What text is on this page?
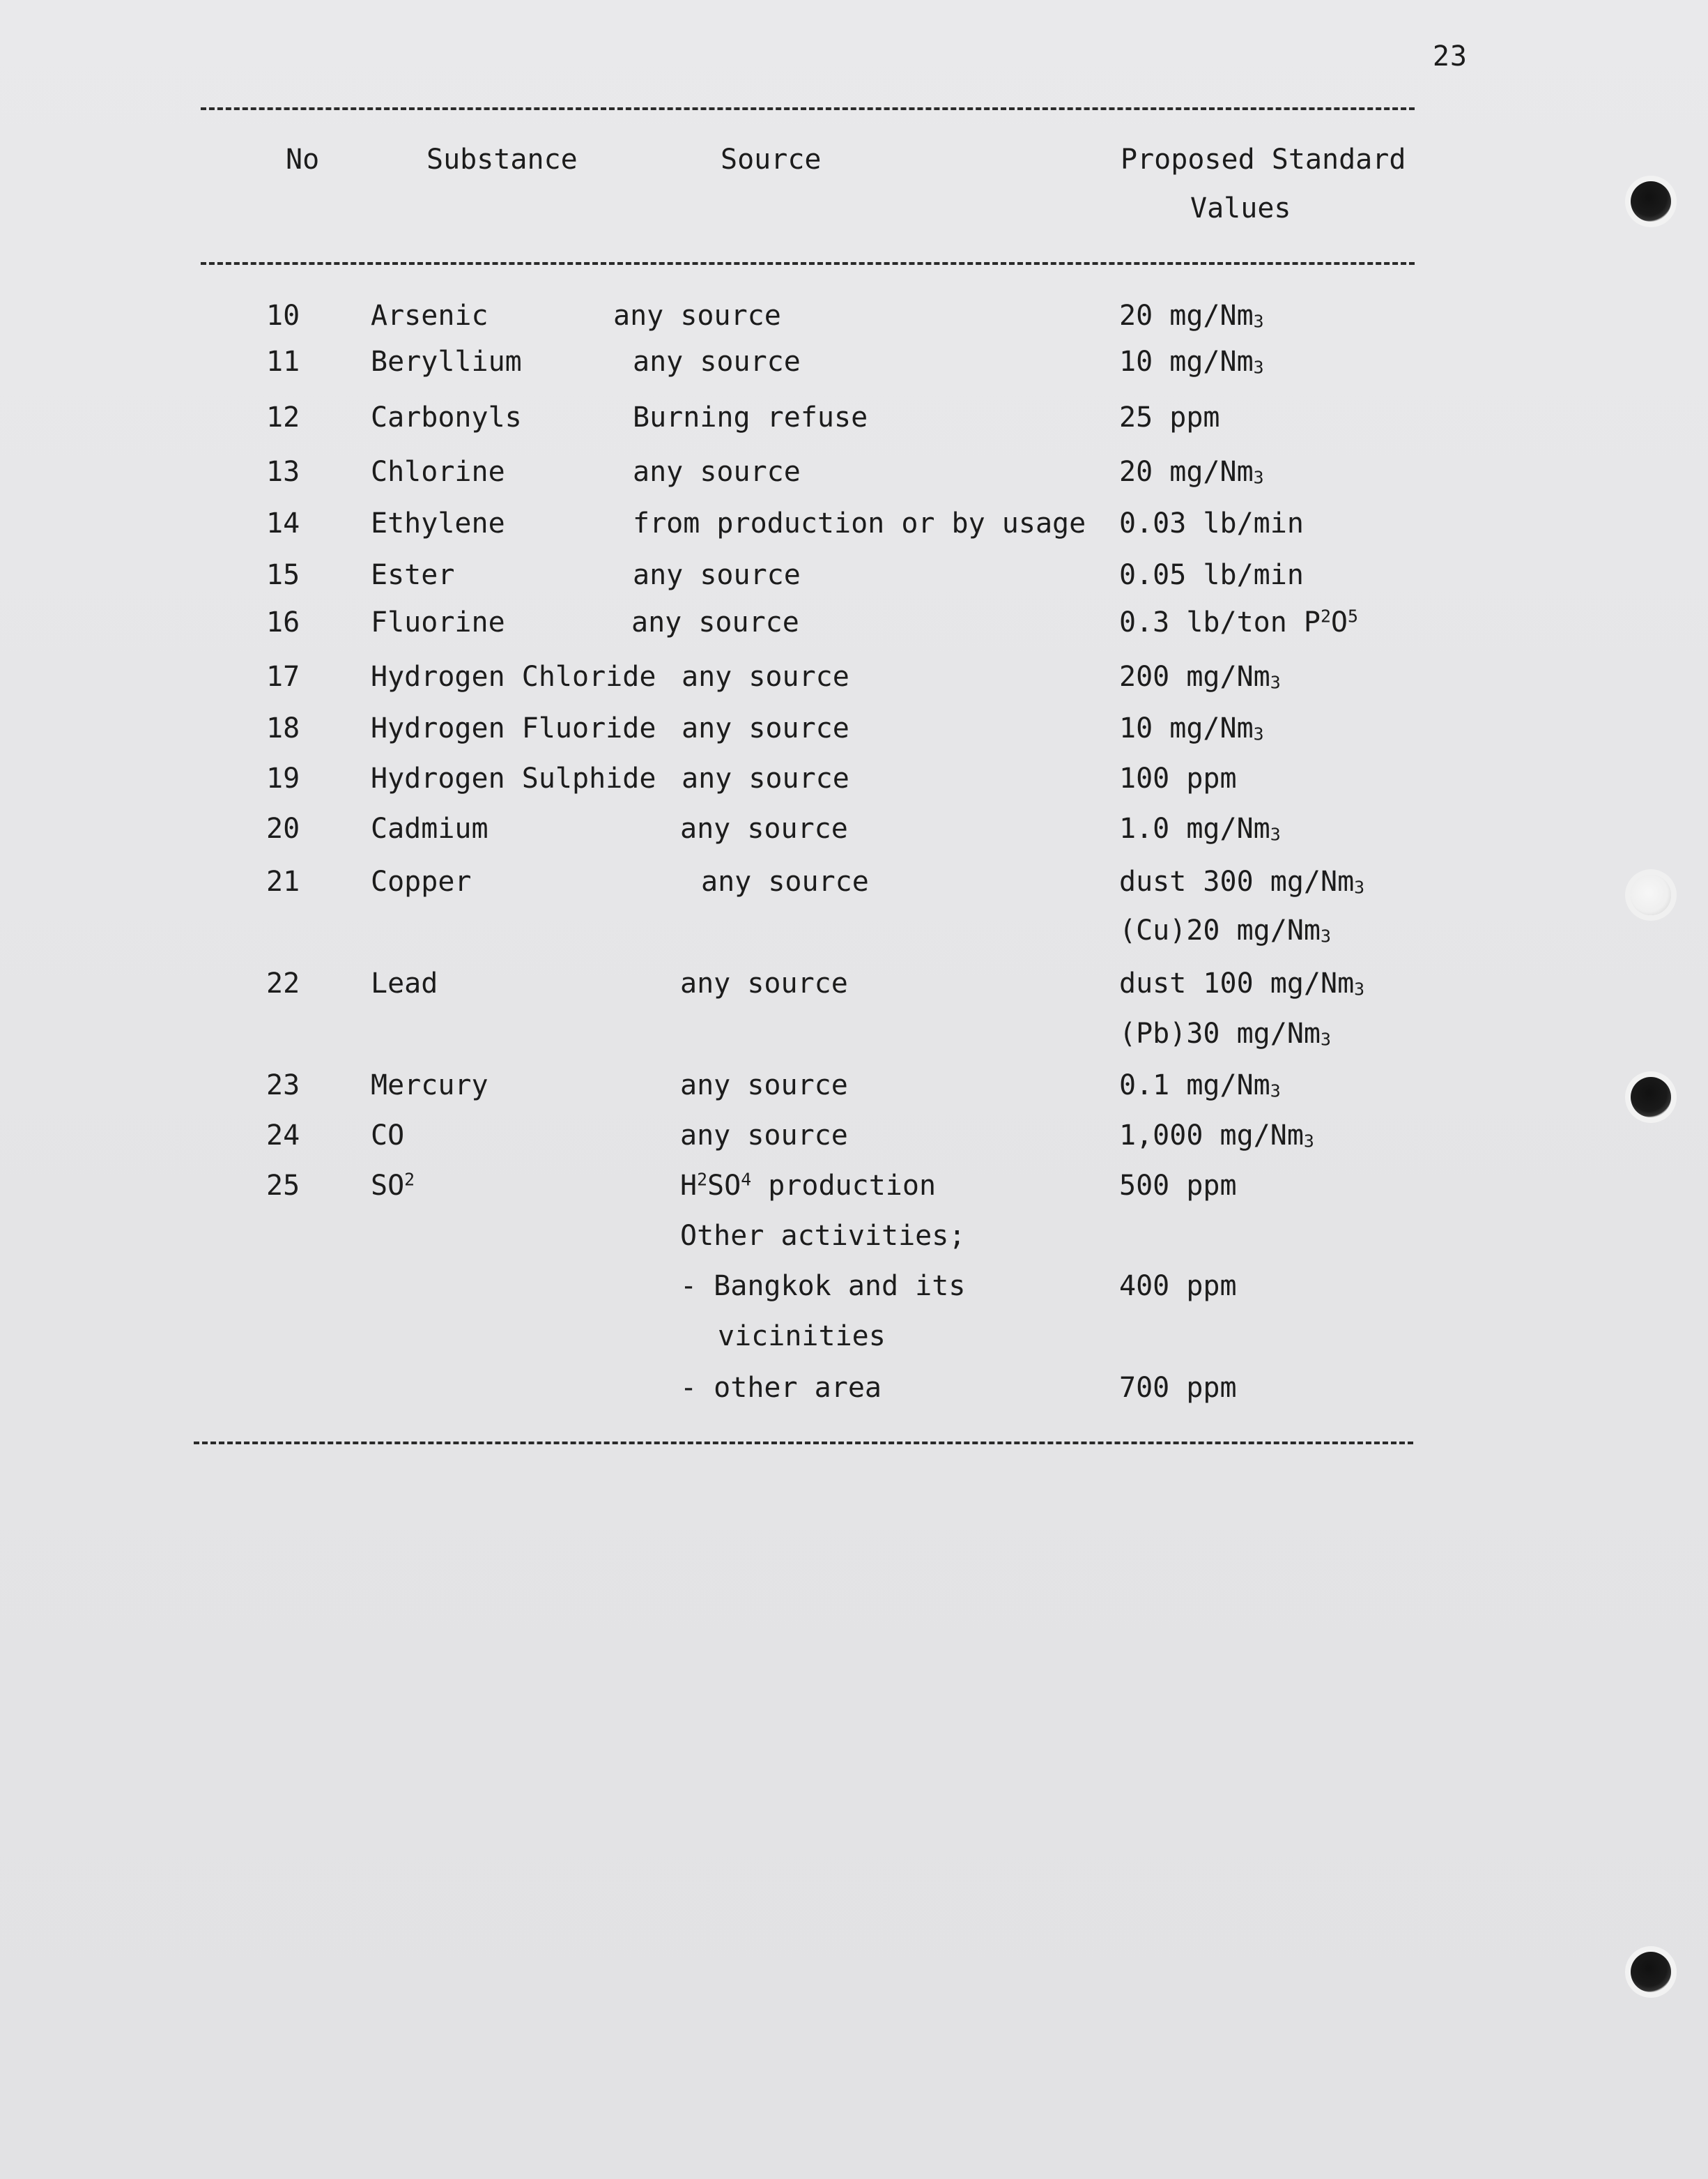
23
No	Substance	Source	Proposed Standard
Values
10	Arsenic	any source	20 $mg/Nm_3$
11	Beryllium	any source	10 $mg/Nm_3$
12	Carbonyls	Burning refuse	25 ppm
13	Chlorine	any source	20 $mg/Nm_3$
14	Ethylene	from production or by usage 0.03 lb/min
15	Ester	any source	0.05 lb/min
16	Fluorine	any source	0.3 lb/ton $P^2O^5$
17	Hydrogen Chloride any source	200 $mg/Nm_3$
18	Hydrogen Fluoride any source	10 $mg/Nm_3$
19	Hydrogen Sulphide any source	100 ppm
20	Cadmium	any source	1.0 $mg/Nm_3$
21	Copper	any source	dust 300 $mg/Nm_3$
(Cu)20 $mg/Nm_3$
22	Lead	any source	dust 100 $mg/Nm_3$
(Pb)30 $mg/Nm_3$
23	Mercury	any source	0.1 $mg/Nm_3$
24	CO	any source	1,000 $mg/Nm_3$
25	$SO^2$	$H^2SO^4$ production	500 ppm
Other activities;
- Bangkok and its	400 ppm
vicinities
- other area	700 ppm
